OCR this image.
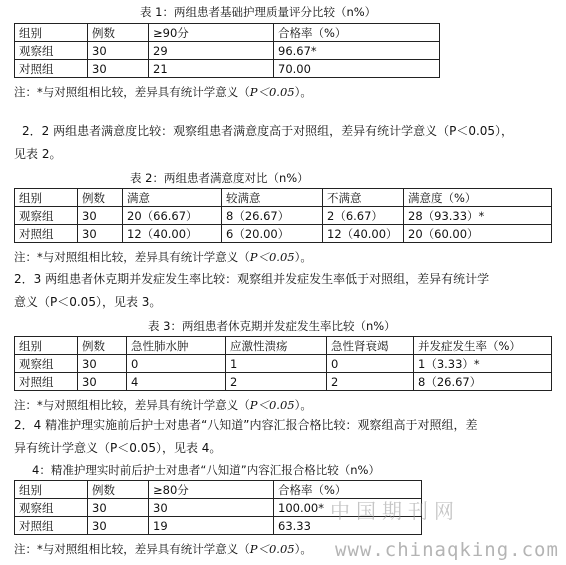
表 1：两组患者基础护理质量评分比较（n%）
组别	例数	≥90分	合格率（%）
观察组	30	29	96.67*
对照组	30	21	70.00
注：*与对照组相比较，差异具有统计学意义（P＜0.05）。
2．2 两组患者满意度比较：观察组患者满意度高于对照组，差异有统计学意义（P＜0.05），
见表 2。
表 2：两组患者满意度对比（n%）
组别	例数	满意	较满意	不满意	满意度（%）
观察组	30	20（66.67）	8（26.67）	2（6.67）	28（93.33）*
对照组	30	12（40.00）	6（20.00）	12（40.00）	20（60.00）
注：*与对照组相比较，差异具有统计学意义（P＜0.05）。
2．3 两组患者休克期并发症发生率比较：观察组并发症发生率低于对照组，差异有统计学
意义（P＜0.05），见表 3。
表 3：两组患者休克期并发症发生率比较（n%）
组别	例数	急性肺水肿	应激性溃疡	急性肾衰竭	并发症发生率（%）
观察组	30	0	1	0	1（3.33）*
对照组	30	4	2	2	8（26.67）
注：*与对照组相比较，差异具有统计学意义（P＜0.05）。
2．4 精准护理实施前后护士对患者“八知道”内容汇报合格比较：观察组高于对照组，差
异有统计学意义（P＜0.05），见表 4。
4：精准护理实时前后护士对患者“八知道”内容汇报合格比较（n%）
组别	例数	≥80分	合格率（%）
观察组	30	30	100.00*
对照组	30	19	63.33
注：*与对照组相比较，差异具有统计学意义（P＜0.05）。
中国期刊网
www.chinaqking.com
